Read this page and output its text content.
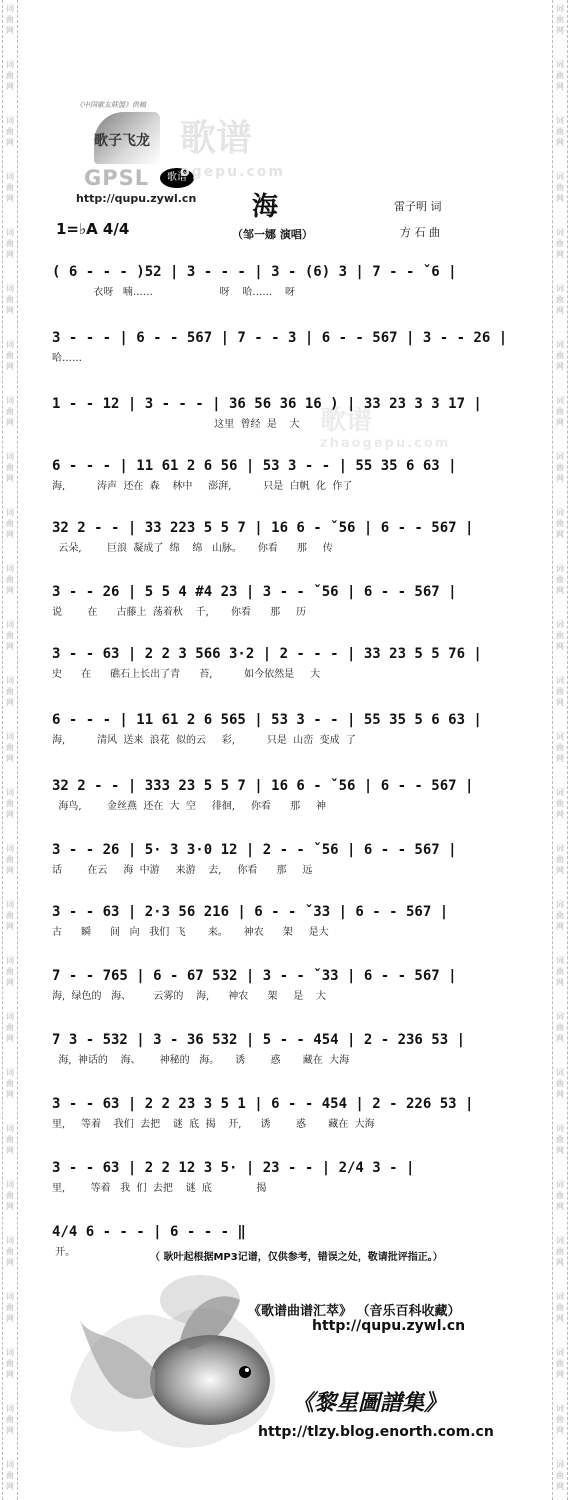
词
曲
网
词
曲
网
词
曲
网
词
曲
网
词
曲
网
词
曲
网
词
曲
网
词
曲
网
词
曲
网
词
曲
网
词
曲
网
词
曲
网
词
曲
网
词
曲
网
词
曲
网
词
曲
网
词
曲
网
词
曲
网
词
曲
网
词
曲
网
词
曲
网
词
曲
网
词
曲
网
词
曲
网
词
曲
网
词
曲
网
词
曲
网
词
曲
网
词
曲
网
词
曲
网
词
曲
网
词
曲
网
词
曲
网
词
曲
网
词
曲
网
词
曲
网
词
曲
网
词
曲
网
词
曲
网
词
曲
网
词
曲
网
词
曲
网
词
曲
网
词
曲
网
词
曲
网
词
曲
网
词
曲
网
词
曲
网
词
曲
网
词
曲
网
词
曲
网
词
曲
网
词
曲
网
词
曲
网
《中国歌友联盟》供稿
歌子飞龙
GPSL	歌谱
http://qupu.zywl.cn
歌谱
ogepu.com
歌谱
zhaogepu.com
海	雷子明 词
方 石 曲
（邹一娜 演唱）
1=♭A 4/4
( 6 - - - )52 | 3 - - - | 3 - (6) 3 | 7 - - ˇ6 |
衣呀   喃……                     呀    哈……    呀
3 - - - | 6 - - 567 | 7 - - 3 | 6 - - 567 | 3 - - 26 |
哈……
1 - - 12 | 3 - - - | 36 56 36 16 ) | 33 23 3 3 17 |
这里  曾经  是    大
6 - - - | 11 61 2 6 56 | 53 3 - - | 55 35 6 63 |
海,          涛声  还在  森    林中     澎湃,          只是  白帆  化  作了
32 2 - - | 33 223 5 5 7 | 16 6 - ˇ56 | 6 - - 567 |
云朵,        巨浪  凝成了  绵    绵   山脉。     你看      那     传
3 - - 26 | 5 5 4 #4 23 | 3 - - ˇ56 | 6 - - 567 |
说        在      古藤上  荡着秋    千,       你看      那     历
3 - - 63 | 2 2 3 566 3·2 | 2 - - - | 33 23 5 5 76 |
史      在      礁石上长出了青      苔,          如今依然是     大
6 - - - | 11 61 2 6 565 | 53 3 - - | 55 35 5 6 63 |
海,          清风  送来  浪花  似的云     彩,          只是  山峦  变成  了
32 2 - - | 333 23 5 5 7 | 16 6 - ˇ56 | 6 - - 567 |
海鸟,        金丝燕  还在  大  空     徘徊,     你看      那     神
3 - - 26 | 5· 3 3·0 12 | 2 - - ˇ56 | 6 - - 567 |
话        在云     海  中游     来游    去,     你看      那     远
3 - - 63 | 2·3 56 216 | 6 - - ˇ33 | 6 - - 567 |
古      瞬      间   向   我们  飞       来。     神农      架     是大
7 - - 765 | 6 - 67 532 | 3 - - ˇ33 | 6 - - 567 |
海,  绿色的   海、       云雾的    海,      神农      架     是    大
7 3 - 532 | 3 - 36 532 | 5 - - 454 | 2 - 236 53 |
海,  神话的    海、      神秘的   海。     诱        惑       藏在  大海
3 - - 63 | 2 2 23 3 5 1 | 6 - - 454 | 2 - 226 53 |
里,     等着    我们  去把    谜  底  揭    开,      诱        惑       藏在  大海
3 - - 63 | 2 2 12 3 5· | 23 - - | 2/4 3 - |
里,        等着   我  们  去把    谜  底              揭
4/4 6 - - - | 6 - - - ‖
开。	（ 耿叶起根据MP3记谱，仅供参考，错误之处，敬请批评指正。）
《歌谱曲谱汇萃》 （音乐百科收藏）
http://qupu.zywl.cn
《黎星圖譜集》
http://tlzy.blog.enorth.com.cn
